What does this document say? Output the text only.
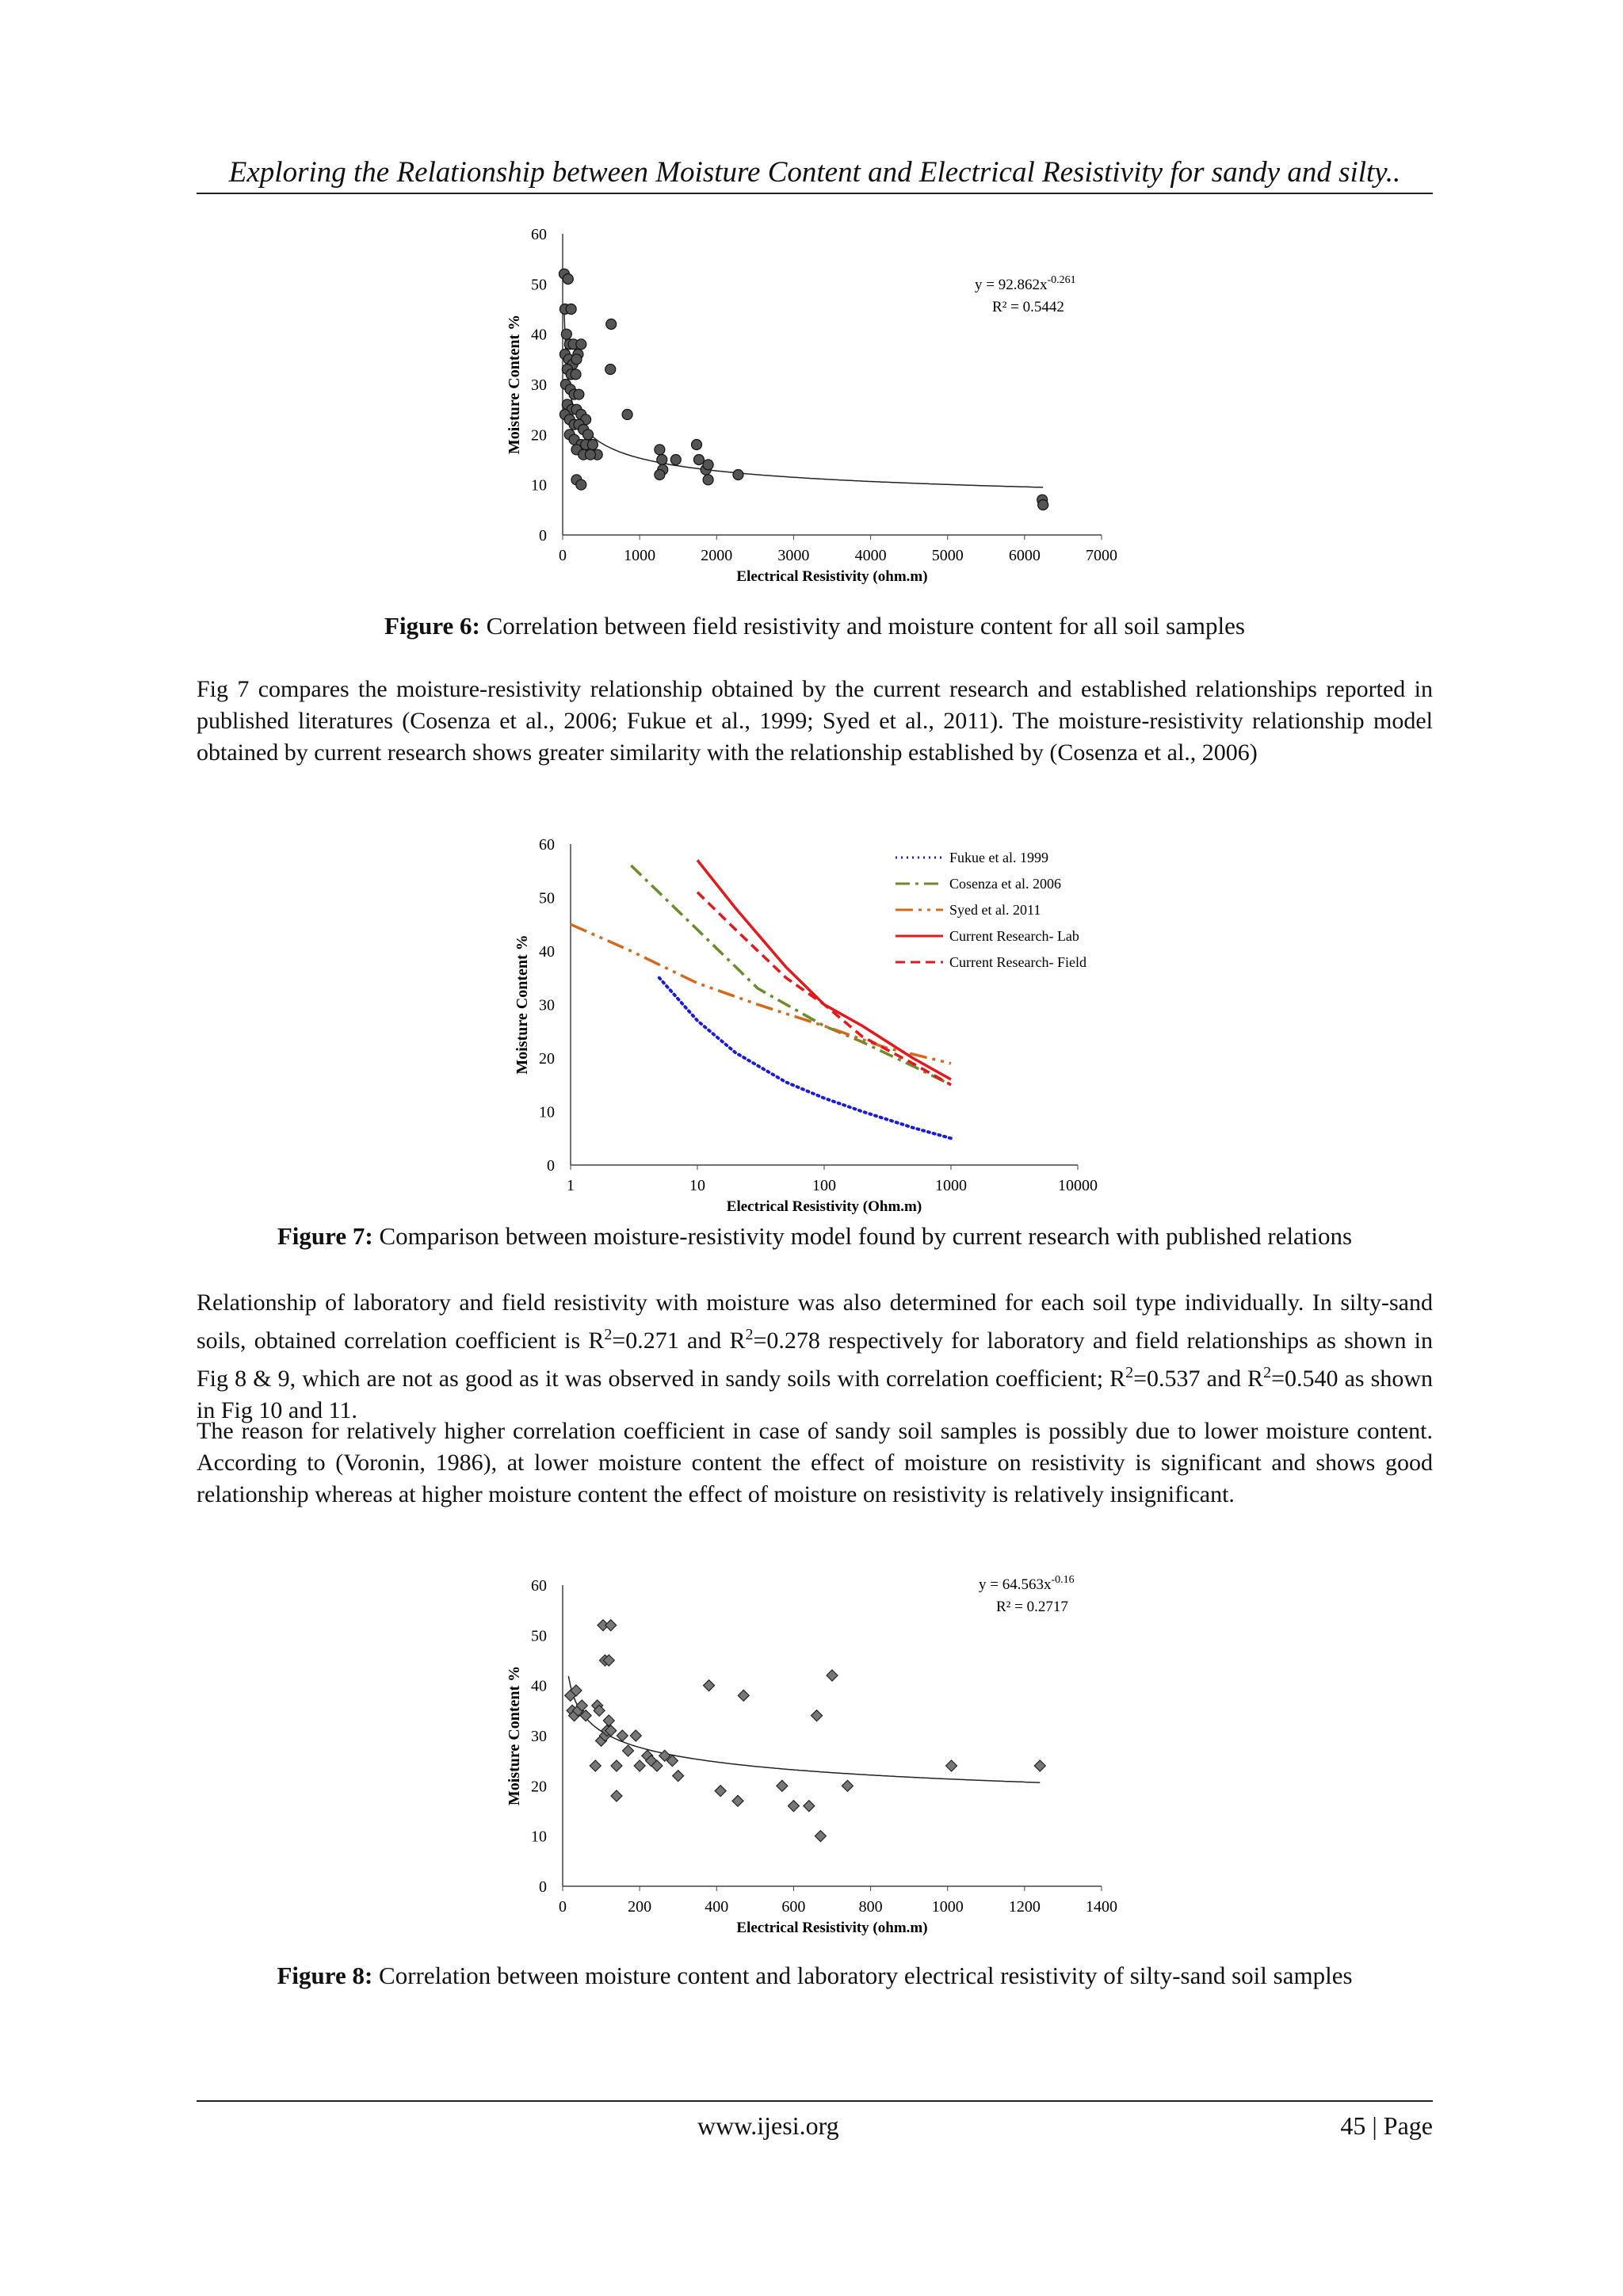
Exploring the Relationship between Moisture Content and Electrical Resistivity for sandy and silty..
0
10
20
30
40
50
60
0	1000	2000	3000	4000	5000	6000	7000
Electrical Resistivity (ohm.m)
Moisture Content %
$y = 92.862x^{-0.261}$
R² = 0.5442
Figure 6: Correlation between field resistivity and moisture content for all soil samples

Fig 7 compares the moisture-resistivity relationship obtained by the current research and established relationships reported in published literatures (Cosenza et al., 2006; Fukue et al., 1999; Syed et al., 2011). The moisture-resistivity relationship model obtained by current research shows greater similarity with the relationship established by (Cosenza et al., 2006)

0
10
20
30
40
50
60
1	10	100	1000	10000
Electrical Resistivity (Ohm.m)
Moisture Content %
Fukue et al. 1999
Cosenza et al. 2006
Syed et al. 2011
Current Research- Lab
Current Research- Field
Figure 7: Comparison between moisture-resistivity model found by current research with published relations

Relationship of laboratory and field resistivity with moisture was also determined for each soil type individually. In silty-sand soils, obtained correlation coefficient is $R^2=0.271$ and $R^2=0.278$ respectively for laboratory and field relationships as shown in Fig 8 & 9, which are not as good as it was observed in sandy soils with correlation coefficient; $R^2=0.537$ and $R^2=0.540$ as shown in Fig 10 and 11.

The reason for relatively higher correlation coefficient in case of sandy soil samples is possibly due to lower moisture content. According to (Voronin, 1986), at lower moisture content the effect of moisture on resistivity is significant and shows good relationship whereas at higher moisture content the effect of moisture on resistivity is relatively insignificant.

0
10
20
30
40
50
60
0	200	400	600	800	1000	1200	1400
Electrical Resistivity (ohm.m)
Moisture Content %
$y = 64.563x^{-0.16}$
R² = 0.2717
Figure 8: Correlation between moisture content and laboratory electrical resistivity of silty-sand soil samples
www.ijesi.org	45 | Page
